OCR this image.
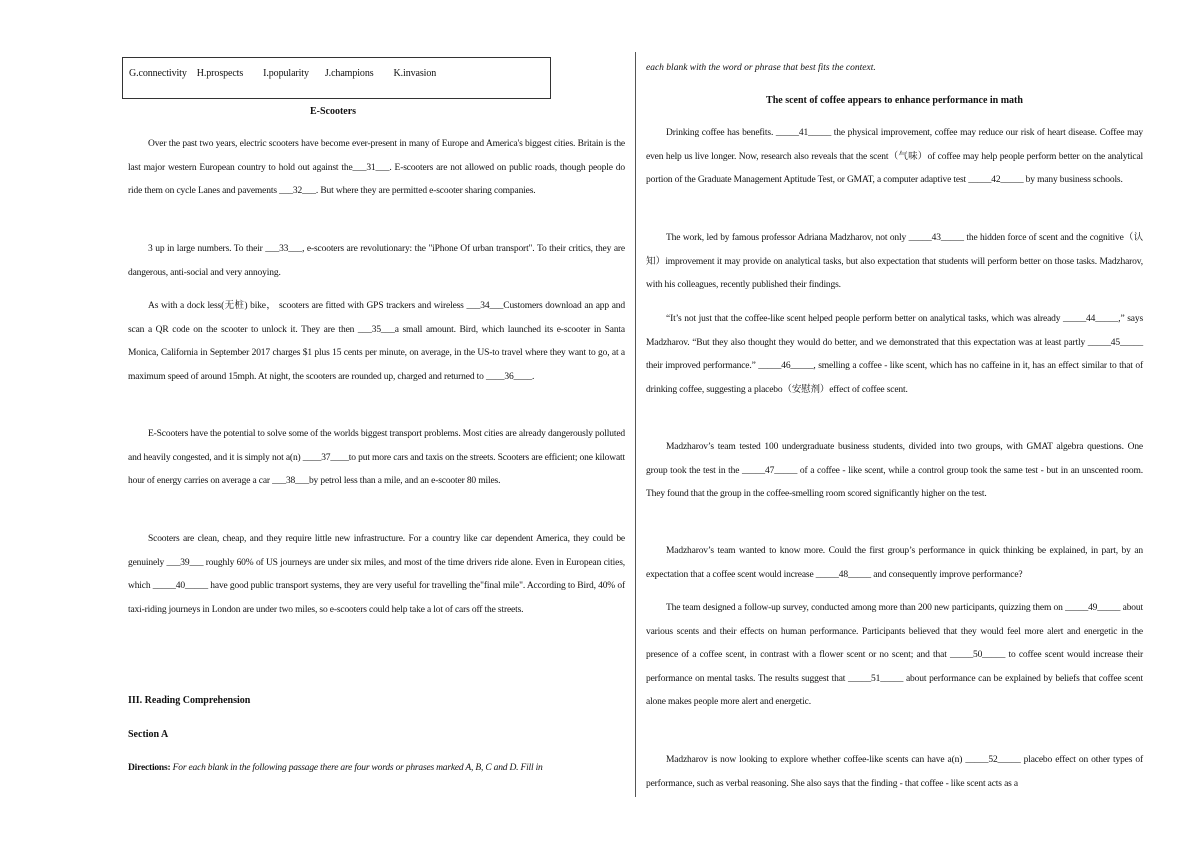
G.connectivity H.prospects I.popularity J.champions K.invasion
E-Scooters
Over the past two years, electric scooters have become ever-present in many of Europe and America's biggest cities. Britain is the last major western European country to hold out against the___31___. E-scooters are not allowed on public roads, though people do ride them on cycle Lanes and pavements ___32___. But where they are permitted e-scooter sharing companies.
3 up in large numbers. To their ___33___, e-scooters are revolutionary: the "iPhone Of urban transport". To their critics, they are dangerous, anti-social and very annoying.
As with a dock less(无桩) bike， scooters are fitted with GPS trackers and wireless ___34___Customers download an app and scan a QR code on the scooter to unlock it. They are then ___35___a small amount. Bird, which launched its e-scooter in Santa Monica, California in September 2017 charges $1 plus 15 cents per minute, on average, in the US-to travel where they want to go, at a maximum speed of around 15mph. At night, the scooters are rounded up, charged and returned to ____36____.
E-Scooters have the potential to solve some of the worlds biggest transport problems. Most cities are already dangerously polluted and heavily congested, and it is simply not a(n) ____37____to put more cars and taxis on the streets. Scooters are efficient; one kilowatt hour of energy carries on average a car ___38___by petrol less than a mile, and an e-scooter 80 miles.
Scooters are clean, cheap, and they require little new infrastructure. For a country like car dependent America, they could be genuinely ___39___ roughly 60% of US journeys are under six miles, and most of the time drivers ride alone. Even in European cities, which _____40_____ have good public transport systems, they are very useful for travelling the"final mile". According to Bird, 40% of taxi-riding journeys in London are under two miles, so e-scooters could help take a lot of cars off the streets.
III. Reading Comprehension
Section A
Directions: For each blank in the following passage there are four words or phrases marked A, B, C and D. Fill in
each blank with the word or phrase that best fits the context.
The scent of coffee appears to enhance performance in math
Drinking coffee has benefits. _____41_____ the physical improvement, coffee may reduce our risk of heart disease. Coffee may even help us live longer. Now, research also reveals that the scent（气味）of coffee may help people perform better on the analytical portion of the Graduate Management Aptitude Test, or GMAT, a computer adaptive test _____42_____ by many business schools.
The work, led by famous professor Adriana Madzharov, not only _____43_____ the hidden force of scent and the cognitive（认知）improvement it may provide on analytical tasks, but also expectation that students will perform better on those tasks. Madzharov, with his colleagues, recently published their findings.
“It’s not just that the coffee-like scent helped people perform better on analytical tasks, which was already _____44_____,” says Madzharov. “But they also thought they would do better, and we demonstrated that this expectation was at least partly _____45_____ their improved performance.” _____46_____, smelling a coffee - like scent, which has no caffeine in it, has an effect similar to that of drinking coffee, suggesting a placebo（安慰剂）effect of coffee scent.
Madzharov’s team tested 100 undergraduate business students, divided into two groups, with GMAT algebra questions. One group took the test in the _____47_____ of a coffee - like scent, while a control group took the same test - but in an unscented room. They found that the group in the coffee-smelling room scored significantly higher on the test.
Madzharov’s team wanted to know more. Could the first group’s performance in quick thinking be explained, in part, by an expectation that a coffee scent would increase _____48_____ and consequently improve performance?
The team designed a follow-up survey, conducted among more than 200 new participants, quizzing them on _____49_____ about various scents and their effects on human performance. Participants believed that they would feel more alert and energetic in the presence of a coffee scent, in contrast with a flower scent or no scent; and that _____50_____ to coffee scent would increase their performance on mental tasks. The results suggest that _____51_____ about performance can be explained by beliefs that coffee scent alone makes people more alert and energetic.
Madzharov is now looking to explore whether coffee-like scents can have a(n) _____52_____ placebo effect on other types of performance, such as verbal reasoning. She also says that the finding - that coffee - like scent acts as a
